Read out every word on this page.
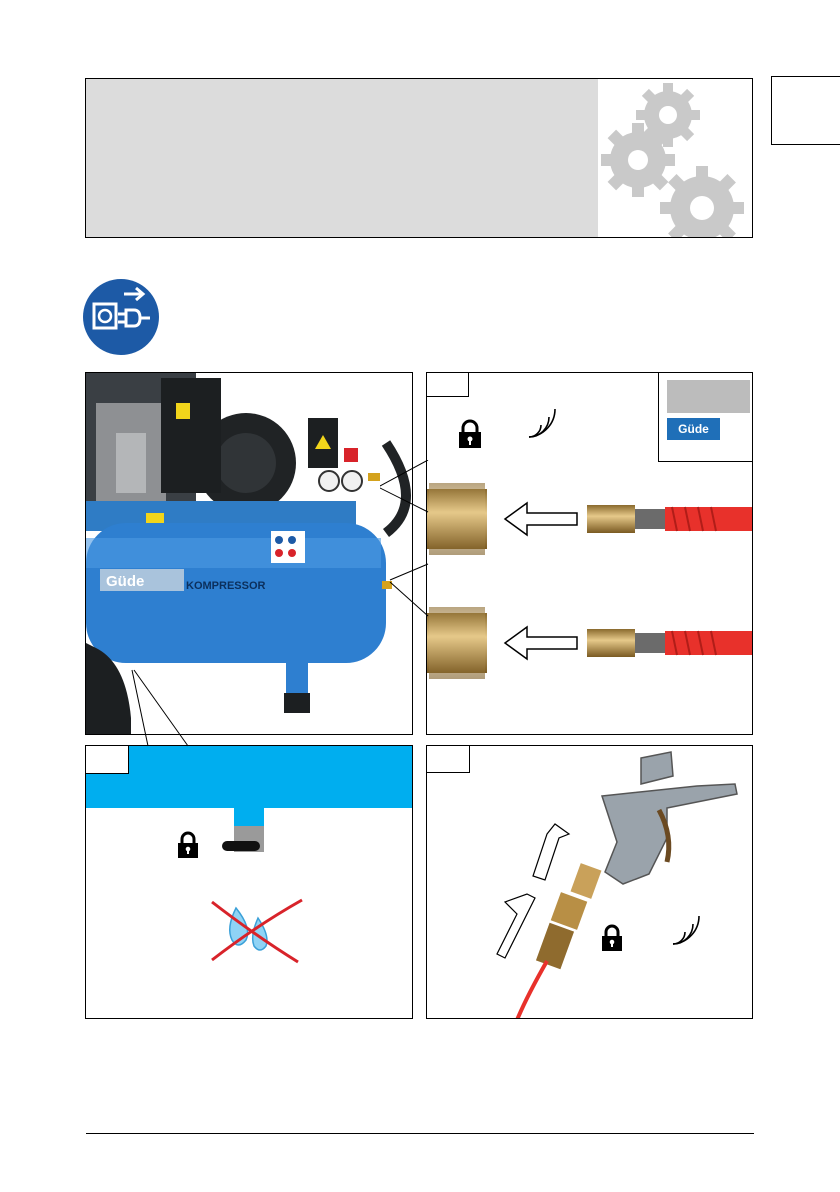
Güde	KOMPRESSOR
Güde
